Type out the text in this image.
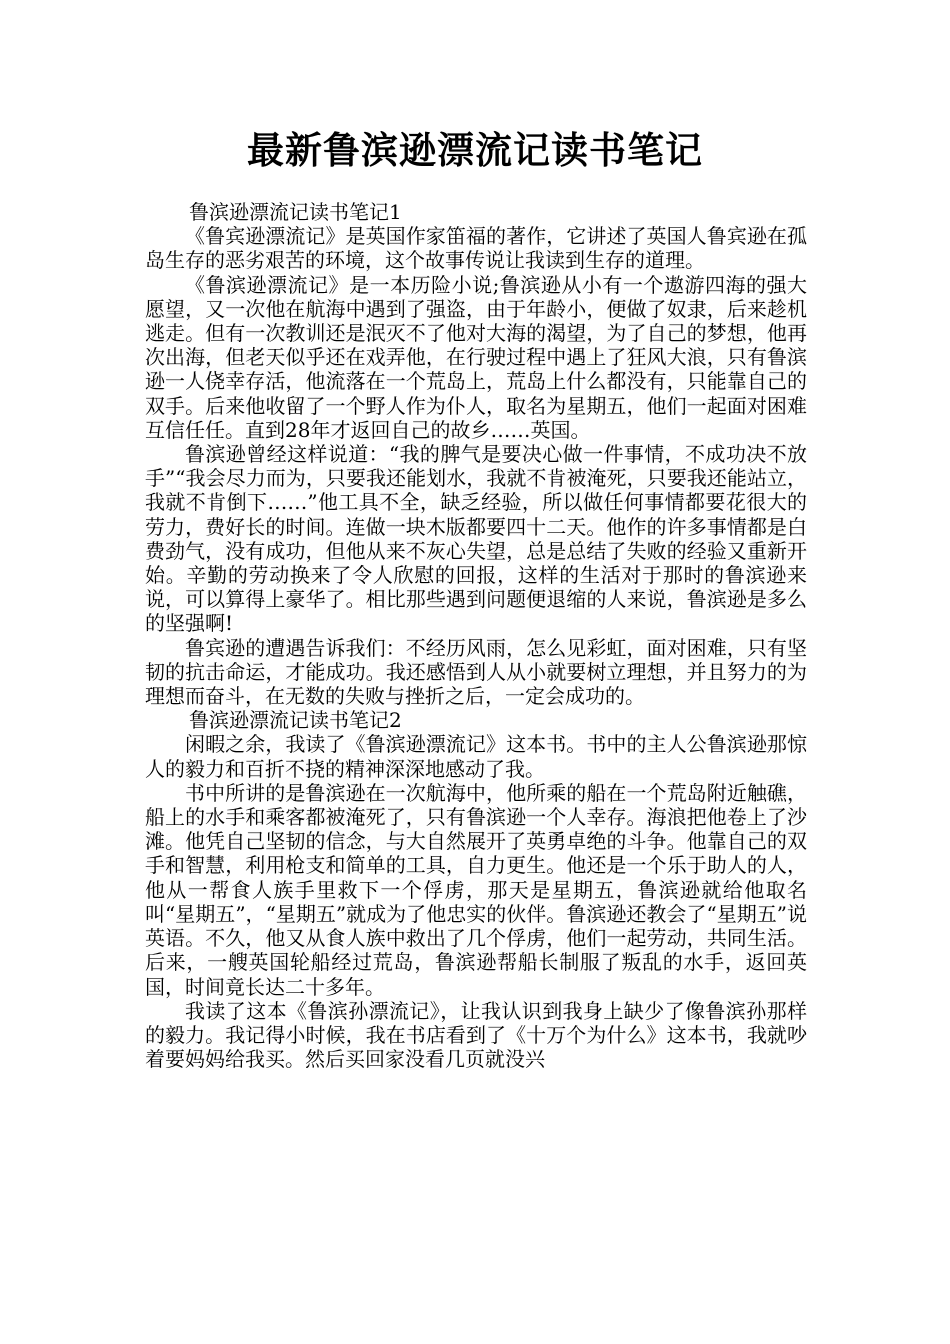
最新鲁滨逊漂流记读书笔记

鲁滨逊漂流记读书笔记1

《鲁宾逊漂流记》是英国作家笛福的著作，它讲述了英国人鲁宾逊在孤岛生存的恶劣艰苦的环境，这个故事传说让我读到生存的道理。

《鲁滨逊漂流记》是一本历险小说;鲁滨逊从小有一个遨游四海的强大愿望，又一次他在航海中遇到了强盗，由于年龄小，便做了奴隶，后来趁机逃走。但有一次教训还是泯灭不了他对大海的渴望，为了自己的梦想，他再次出海，但老天似乎还在戏弄他，在行驶过程中遇上了狂风大浪，只有鲁滨逊一人侥幸存活，他流落在一个荒岛上，荒岛上什么都没有，只能靠自己的双手。后来他收留了一个野人作为仆人，取名为星期五，他们一起面对困难互信任任。直到28年才返回自己的故乡……英国。

鲁滨逊曾经这样说道：“我的脾气是要决心做一件事情，不成功决不放手”“我会尽力而为，只要我还能划水，我就不肯被淹死，只要我还能站立，我就不肯倒下……”他工具不全，缺乏经验，所以做任何事情都要花很大的劳力，费好长的时间。连做一块木版都要四十二天。他作的许多事情都是白费劲气，没有成功，但他从来不灰心失望，总是总结了失败的经验又重新开始。辛勤的劳动换来了令人欣慰的回报，这样的生活对于那时的鲁滨逊来说，可以算得上豪华了。相比那些遇到问题便退缩的人来说，鲁滨逊是多么的坚强啊!

鲁宾逊的遭遇告诉我们：不经历风雨，怎么见彩虹，面对困难，只有坚韧的抗击命运，才能成功。我还感悟到人从小就要树立理想，并且努力的为理想而奋斗，在无数的失败与挫折之后，一定会成功的。

鲁滨逊漂流记读书笔记2

闲暇之余，我读了《鲁滨逊漂流记》这本书。书中的主人公鲁滨逊那惊人的毅力和百折不挠的精神深深地感动了我。

书中所讲的是鲁滨逊在一次航海中，他所乘的船在一个荒岛附近触礁，船上的水手和乘客都被淹死了，只有鲁滨逊一个人幸存。海浪把他卷上了沙滩。他凭自己坚韧的信念，与大自然展开了英勇卓绝的斗争。他靠自己的双手和智慧，利用枪支和简单的工具，自力更生。他还是一个乐于助人的人，他从一帮食人族手里救下一个俘虏，那天是星期五，鲁滨逊就给他取名叫“星期五”，“星期五”就成为了他忠实的伙伴。鲁滨逊还教会了“星期五”说英语。不久，他又从食人族中救出了几个俘虏，他们一起劳动，共同生活。后来，一艘英国轮船经过荒岛，鲁滨逊帮船长制服了叛乱的水手，返回英国，时间竟长达二十多年。

我读了这本《鲁滨孙漂流记》，让我认识到我身上缺少了像鲁滨孙那样的毅力。我记得小时候，我在书店看到了《十万个为什么》这本书，我就吵着要妈妈给我买。然后买回家没看几页就没兴
